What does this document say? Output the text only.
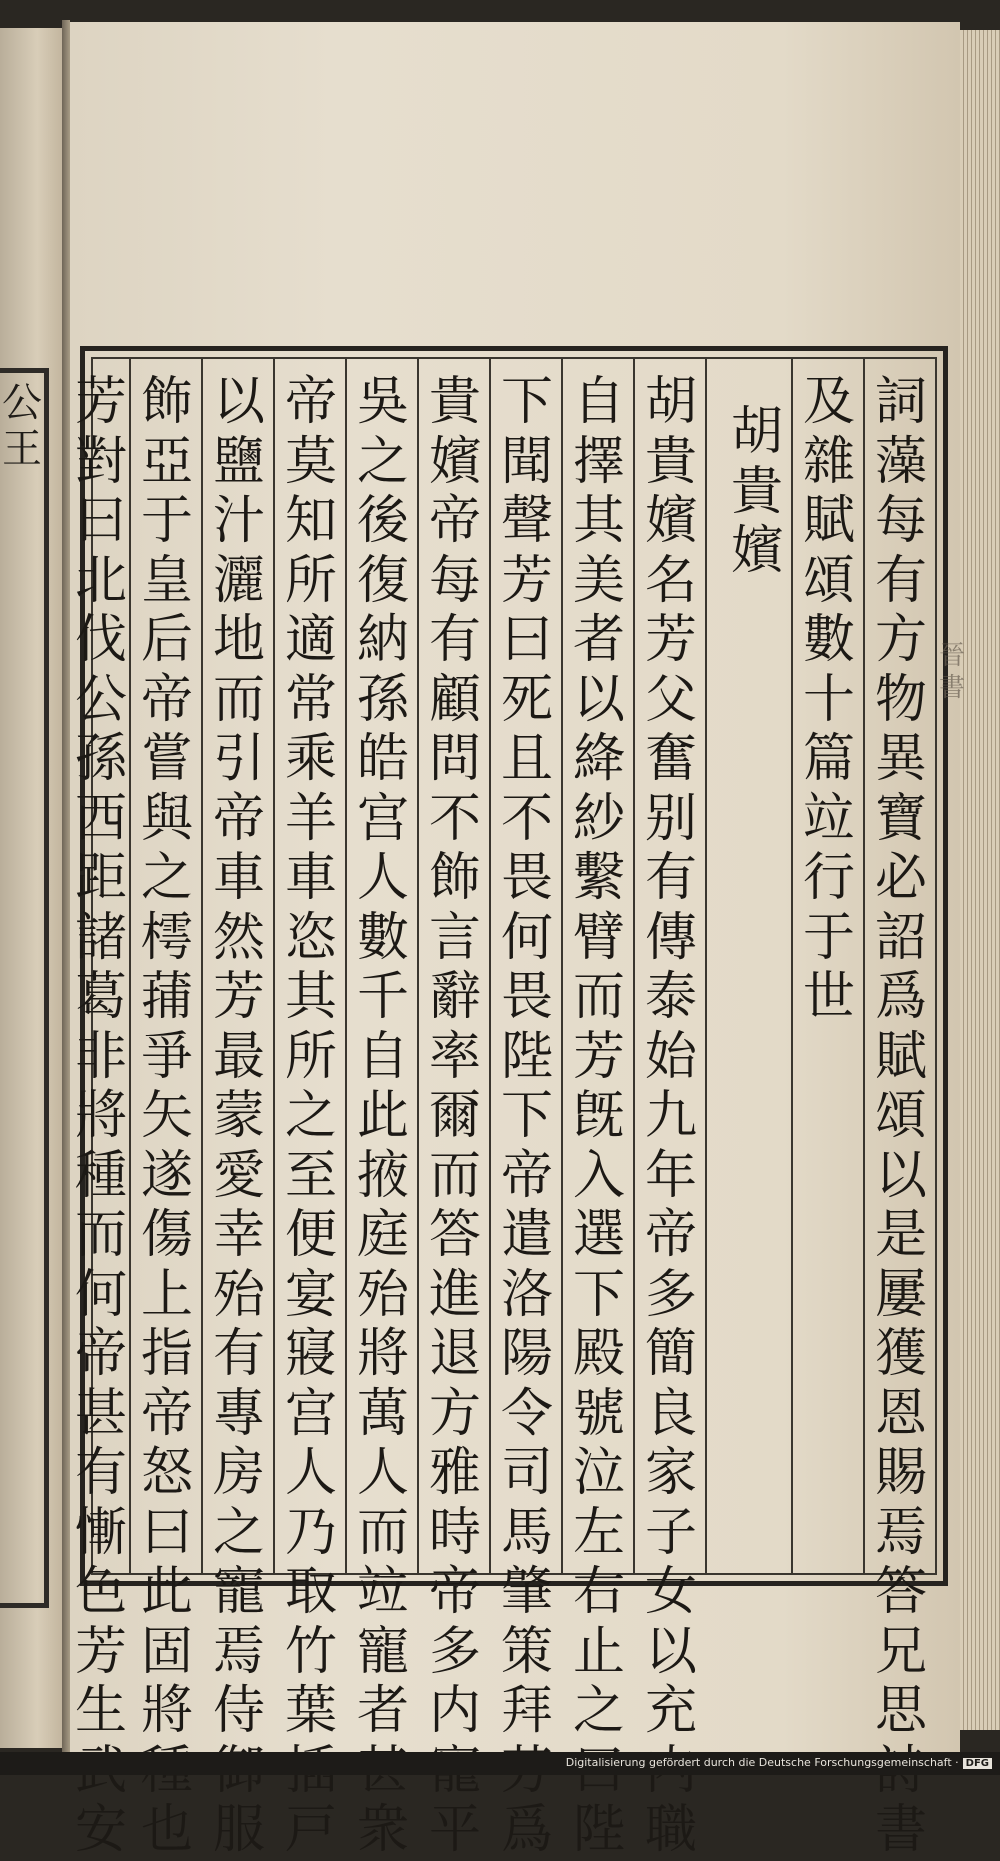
公王
詞藻每有方物異寶必詔爲賦頌以是屢獲恩賜焉答兄思 書
及雜賦頌數十篇竝行于世
胡貴嬪
胡貴嬪名芳父奮别有傳泰始九年帝多簡良家子女以充 職
自擇其美者以絳紗繫臂而芳旣入選下殿號泣左右止之 陛
下聞聲芳曰死且不畏何畏陛下帝遣洛陽令司馬肇策拜 爲
貴嬪帝每有顧問不飾言辭率爾而答進退方雅時帝多内 平
吳之後復納孫皓宫人數千自此掖庭殆將萬人而竝寵者 衆
帝莫知所適常乘羊車恣其所之至便宴寢宫人乃取竹葉 戸
以鹽汁灑地而引帝車然芳最蒙愛幸殆有專房之寵焉侍 服
飾亞于皇后帝嘗與之樗蒱爭矢遂傷上指帝怒曰此固將 也
芳對曰北伐公孫西距諸葛非將種而何帝甚有慚色芳生 安
晉書
Digitalisierung gefördert durch die Deutsche Forschungsgemeinschaft · DFG
